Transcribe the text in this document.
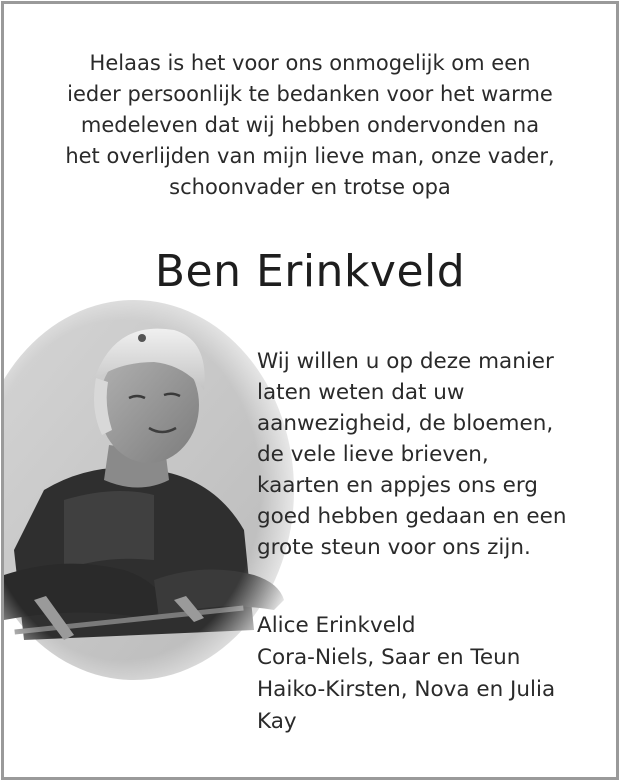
Helaas is het voor ons onmogelijk om een
ieder persoonlijk te bedanken voor het warme
medeleven dat wij hebben ondervonden na
het overlijden van mijn lieve man, onze vader,
schoonvader en trotse opa
Ben Erinkveld
Wij willen u op deze manier
laten weten dat uw
aanwezigheid, de bloemen,
de vele lieve brieven,
kaarten en appjes ons erg
goed hebben gedaan en een
grote steun voor ons zijn.
Alice Erinkveld
Cora-Niels, Saar en Teun
Haiko-Kirsten, Nova en Julia
Kay
